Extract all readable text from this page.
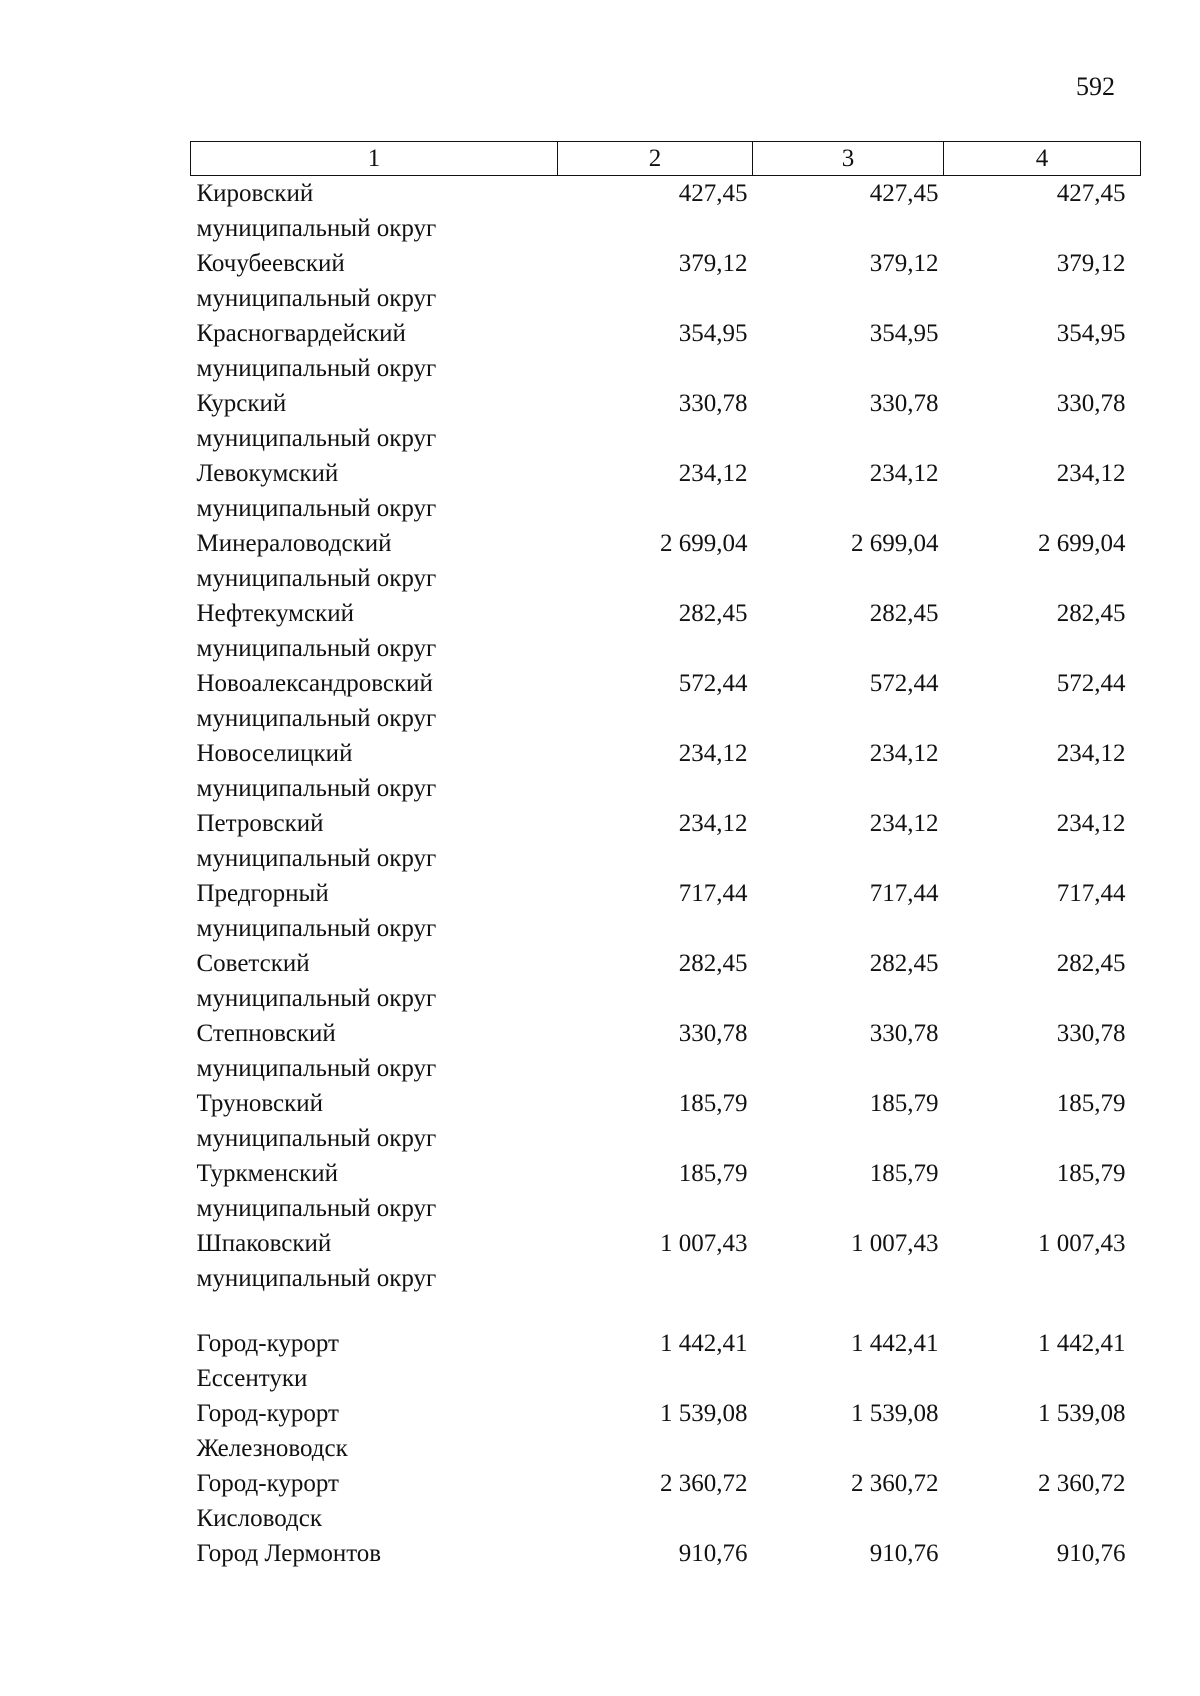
592
1	2	3	4

Кировский
муниципальный округ	427,45	427,45	427,45

Кочубеевский
муниципальный округ	379,12	379,12	379,12

Красногвардейский
муниципальный округ	354,95	354,95	354,95

Курский
муниципальный округ	330,78	330,78	330,78

Левокумский
муниципальный округ	234,12	234,12	234,12

Минераловодский
муниципальный округ	2 699,04	2 699,04	2 699,04

Нефтекумский
муниципальный округ	282,45	282,45	282,45

Новоалександровский
муниципальный округ	572,44	572,44	572,44

Новоселицкий
муниципальный округ	234,12	234,12	234,12

Петровский
муниципальный округ	234,12	234,12	234,12

Предгорный
муниципальный округ	717,44	717,44	717,44

Советский
муниципальный округ	282,45	282,45	282,45

Степновский
муниципальный округ	330,78	330,78	330,78

Труновский
муниципальный округ	185,79	185,79	185,79

Туркменский
муниципальный округ	185,79	185,79	185,79

Шпаковский
муниципальный округ	1 007,43	1 007,43	1 007,43

Город-курорт
Ессентуки	1 442,41	1 442,41	1 442,41

Город-курорт
Железноводск	1 539,08	1 539,08	1 539,08

Город-курорт
Кисловодск	2 360,72	2 360,72	2 360,72

Город Лермонтов	910,76	910,76	910,76
